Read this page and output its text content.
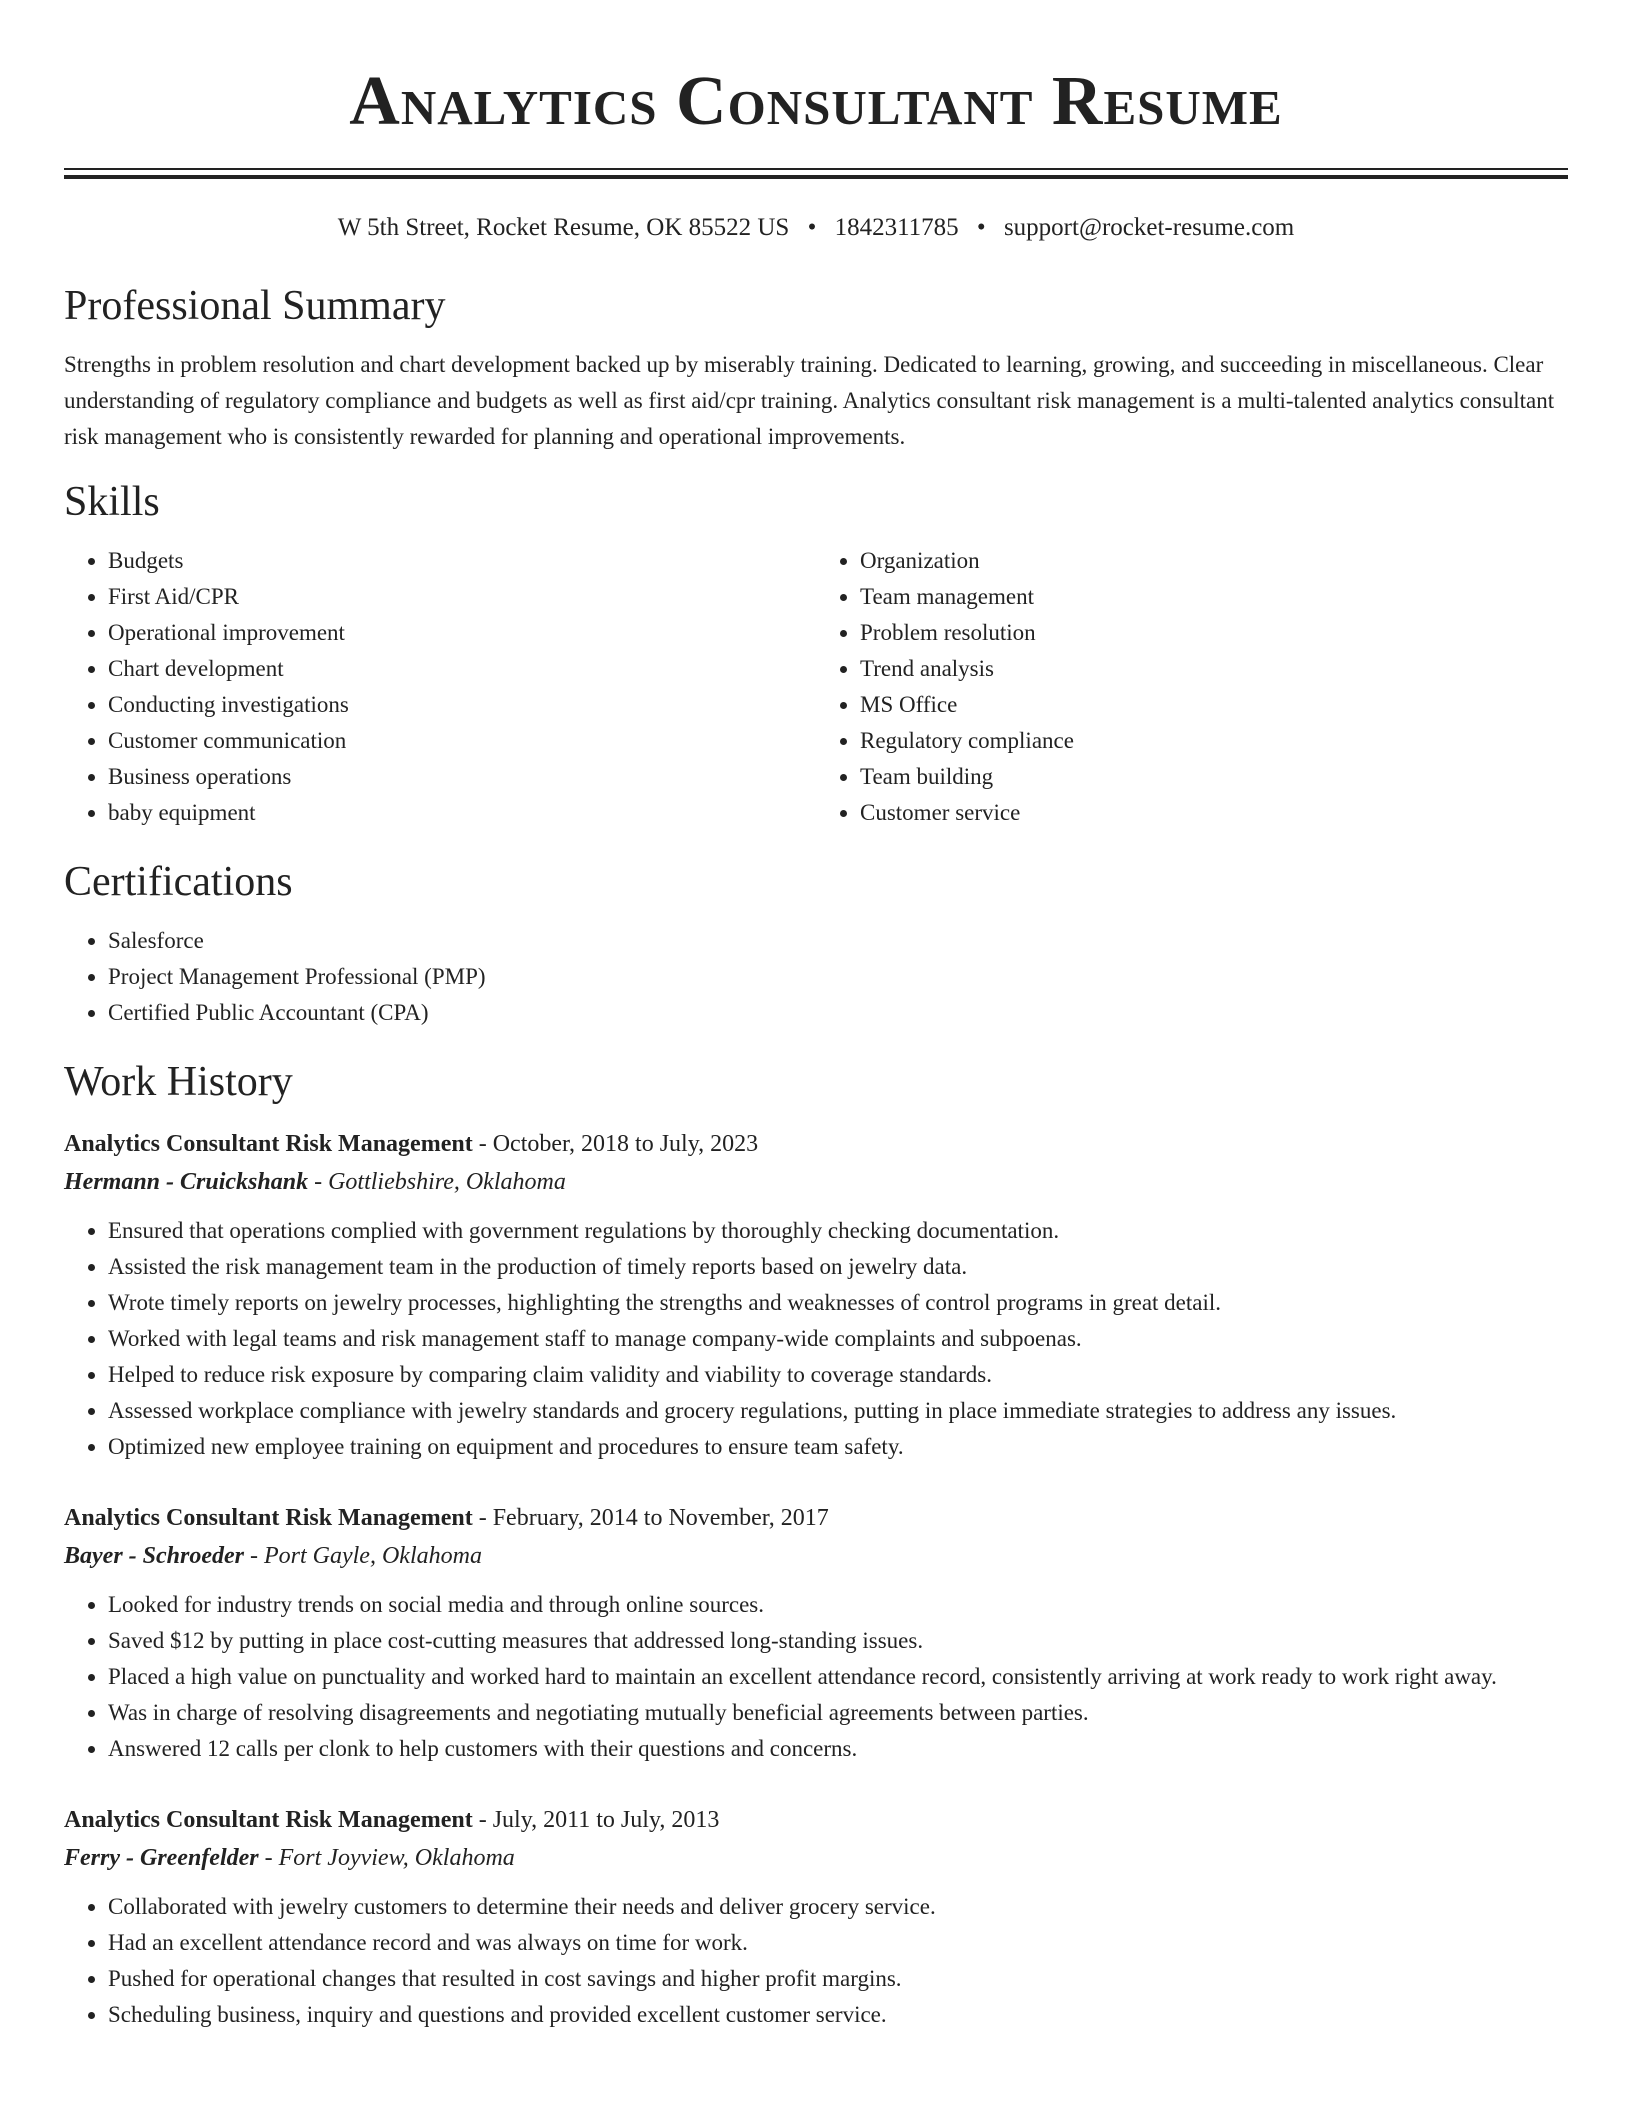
Analytics Consultant Resume
W 5th Street, Rocket Resume, OK 85522 US • 1842311785 • support@rocket-resume.com
Professional Summary

Strengths in problem resolution and chart development backed up by miserably training. Dedicated to learning, growing, and succeeding in miscellaneous. Clear understanding of regulatory compliance and budgets as well as first aid/cpr training. Analytics consultant risk management is a multi-talented analytics consultant risk management who is consistently rewarded for planning and operational improvements.

Skills
• Budgets
• First Aid/CPR
• Operational improvement
• Chart development
• Conducting investigations
• Customer communication
• Business operations
• baby equipment
• Organization
• Team management
• Problem resolution
• Trend analysis
• MS Office
• Regulatory compliance
• Team building
• Customer service
Certifications
• Salesforce
• Project Management Professional (PMP)
• Certified Public Accountant (CPA)
Work History
Analytics Consultant Risk Management - October, 2018 to July, 2023
Hermann - Cruickshank - Gottliebshire, Oklahoma
• Ensured that operations complied with government regulations by thoroughly checking documentation.
• Assisted the risk management team in the production of timely reports based on jewelry data.
• Wrote timely reports on jewelry processes, highlighting the strengths and weaknesses of control programs in great detail.
• Worked with legal teams and risk management staff to manage company-wide complaints and subpoenas.
• Helped to reduce risk exposure by comparing claim validity and viability to coverage standards.
• Assessed workplace compliance with jewelry standards and grocery regulations, putting in place immediate strategies to address any issues.
• Optimized new employee training on equipment and procedures to ensure team safety.
Analytics Consultant Risk Management - February, 2014 to November, 2017
Bayer - Schroeder - Port Gayle, Oklahoma
• Looked for industry trends on social media and through online sources.
• Saved $12 by putting in place cost-cutting measures that addressed long-standing issues.
• Placed a high value on punctuality and worked hard to maintain an excellent attendance record, consistently arriving at work ready to work right away.
• Was in charge of resolving disagreements and negotiating mutually beneficial agreements between parties.
• Answered 12 calls per clonk to help customers with their questions and concerns.
Analytics Consultant Risk Management - July, 2011 to July, 2013
Ferry - Greenfelder - Fort Joyview, Oklahoma
• Collaborated with jewelry customers to determine their needs and deliver grocery service.
• Had an excellent attendance record and was always on time for work.
• Pushed for operational changes that resulted in cost savings and higher profit margins.
• Scheduling business, inquiry and questions and provided excellent customer service.
